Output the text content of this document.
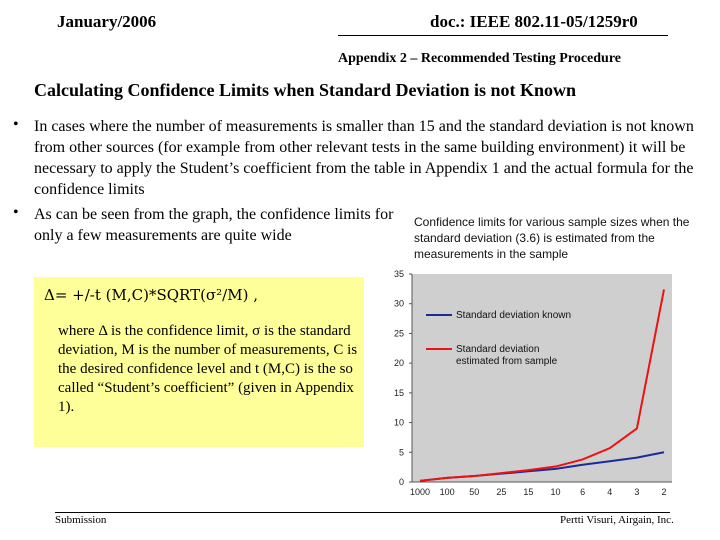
January/2006	doc.: IEEE 802.11-05/1259r0
Appendix 2 – Recommended Testing Procedure
Calculating Confidence Limits when Standard Deviation is not Known
• In cases where the number of measurements is smaller than 15 and the standard deviation is not known from other sources (for example from other relevant tests in the same building environment) it will be necessary to apply the Student’s coefficient from the table in Appendix 1 and the actual formula for the confidence limits
• As can be seen from the graph, the confidence limits for only a few measurements are quite wide
Δ= +/-t (M,C)*SQRT(σ²/M) ,
where Δ is the confidence limit, σ is the standard deviation, M is the number of measurements, C is the desired confidence level and t (M,C) is the so called “Student’s coefficient” (given in Appendix 1).
Confidence limits for various sample sizes when the standard deviation (3.6) is estimated from the measurements in the sample
0
5
10
15
20
25
30
35
1000 100 50 25 15 10 6 4 3 2
Standard deviation known
Standard deviation
estimated from sample
Submission	Pertti Visuri, Airgain, Inc.
